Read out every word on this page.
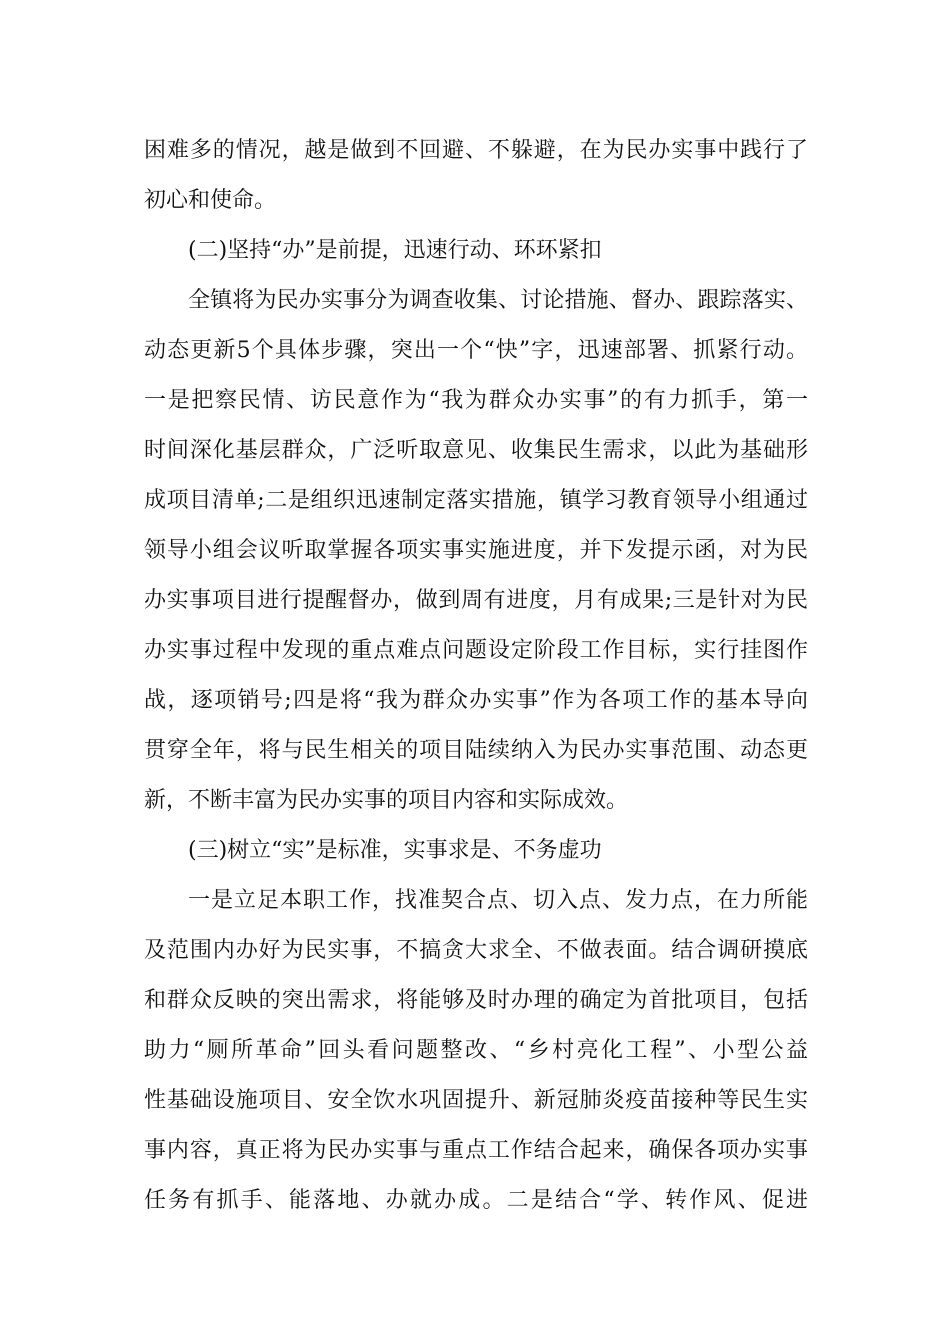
困难多的情况，越是做到不回避、不躲避，在为民办实事中践行了
初心和使命。
(二)坚持“办”是前提，迅速行动、环环紧扣
全镇将为民办实事分为调查收集、讨论措施、督办、跟踪落实、
动态更新5个具体步骤，突出一个“快”字，迅速部署、抓紧行动。
一是把察民情、访民意作为“我为群众办实事”的有力抓手，第一
时间深化基层群众，广泛听取意见、收集民生需求，以此为基础形
成项目清单;二是组织迅速制定落实措施，镇学习教育领导小组通过
领导小组会议听取掌握各项实事实施进度，并下发提示函，对为民
办实事项目进行提醒督办，做到周有进度，月有成果;三是针对为民
办实事过程中发现的重点难点问题设定阶段工作目标，实行挂图作
战，逐项销号;四是将“我为群众办实事”作为各项工作的基本导向
贯穿全年，将与民生相关的项目陆续纳入为民办实事范围、动态更
新，不断丰富为民办实事的项目内容和实际成效。
(三)树立“实”是标准，实事求是、不务虚功
一是立足本职工作，找准契合点、切入点、发力点，在力所能
及范围内办好为民实事，不搞贪大求全、不做表面。结合调研摸底
和群众反映的突出需求，将能够及时办理的确定为首批项目，包括
助力“厕所革命”回头看问题整改、“乡村亮化工程”、小型公益
性基础设施项目、安全饮水巩固提升、新冠肺炎疫苗接种等民生实
事内容，真正将为民办实事与重点工作结合起来，确保各项办实事
任务有抓手、能落地、办就办成。二是结合“学、转作风、促进
